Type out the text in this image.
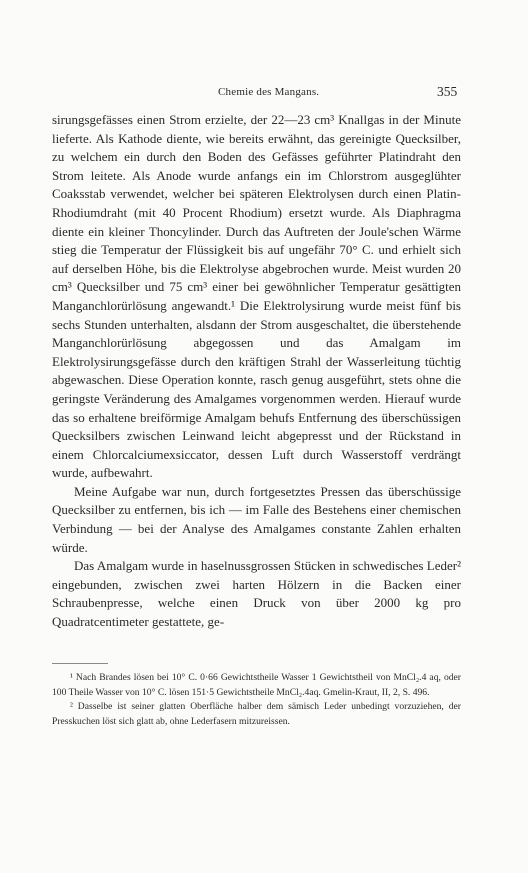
Chemie des Mangans.	355

sirungsgefässes einen Strom erzielte, der 22—23 cm³ Knallgas in der Minute lieferte. Als Kathode diente, wie bereits erwähnt, das gereinigte Quecksilber, zu welchem ein durch den Boden des Gefässes geführter Platindraht den Strom leitete. Als Anode wurde anfangs ein im Chlorstrom ausgeglühter Coaksstab verwendet, welcher bei späteren Elektrolysen durch einen Platin-Rhodiumdraht (mit 40 Procent Rhodium) ersetzt wurde. Als Diaphragma diente ein kleiner Thoncylinder. Durch das Auftreten der Joule'schen Wärme stieg die Temperatur der Flüssigkeit bis auf ungefähr 70° C. und erhielt sich auf derselben Höhe, bis die Elektrolyse abgebrochen wurde. Meist wurden 20 cm³ Quecksilber und 75 cm³ einer bei gewöhnlicher Temperatur gesättigten Manganchlorürlösung angewandt.¹ Die Elektrolysirung wurde meist fünf bis sechs Stunden unterhalten, alsdann der Strom ausgeschaltet, die überstehende Manganchlorürlösung abgegossen und das Amalgam im Elektrolysirungsgefässe durch den kräftigen Strahl der Wasserleitung tüchtig abgewaschen. Diese Operation konnte, rasch genug ausgeführt, stets ohne die geringste Veränderung des Amalgames vorgenommen werden. Hierauf wurde das so erhaltene breiförmige Amalgam behufs Entfernung des überschüssigen Quecksilbers zwischen Leinwand leicht abgepresst und der Rückstand in einem Chlorcalciumexsiccator, dessen Luft durch Wasserstoff verdrängt wurde, aufbewahrt.

Meine Aufgabe war nun, durch fortgesetztes Pressen das überschüssige Quecksilber zu entfernen, bis ich — im Falle des Bestehens einer chemischen Verbindung — bei der Analyse des Amalgames constante Zahlen erhalten würde.

Das Amalgam wurde in haselnussgrossen Stücken in schwedisches Leder² eingebunden, zwischen zwei harten Hölzern in die Backen einer Schraubenpresse, welche einen Druck von über 2000 kg pro Quadratcentimeter gestattete, ge-

¹ Nach Brandes lösen bei 10° C. 0·66 Gewichtstheile Wasser 1 Gewichtstheil von MnCl₂.4 aq, oder 100 Theile Wasser von 10° C. lösen 151·5 Gewichtstheile MnCl₂.4aq. Gmelin-Kraut, II, 2, S. 496.

² Dasselbe ist seiner glatten Oberfläche halber dem sämisch Leder unbedingt vorzuziehen, der Presskuchen löst sich glatt ab, ohne Lederfasern mitzureissen.
